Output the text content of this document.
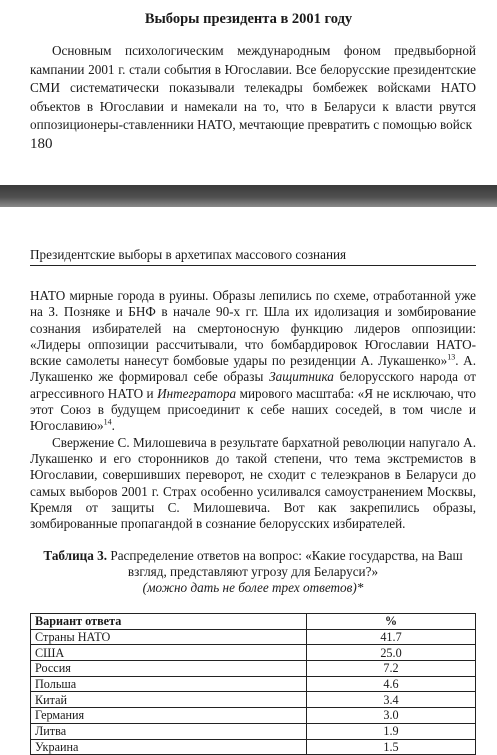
Выборы президента в 2001 году

Основным психологическим международным фоном предвыборной кампании 2001 г. стали события в Югославии. Все белорусские президентские СМИ систематически показывали телекадры бомбежек войсками НАТО объектов в Югославии и намекали на то, что в Беларуси к власти рвутся оппозиционеры-ставленники НАТО, мечтающие превратить с помощью войск

180
Президентские выборы в архетипах массового сознания

НАТО мирные города в руины. Образы лепились по схеме, отработанной уже на З. Позняке и БНФ в начале 90-х гг. Шла их идолизация и зомбирование сознания избирателей на смертоносную функцию лидеров оппозиции: «Лидеры оппозиции рассчитывали, что бомбардировок Югославии НАТО-вские самолеты нанесут бомбовые удары по резиденции А. Лукашенко»$^{13}$. А. Лукашенко же формировал себе образы Защитника белорусского народа от агрессивного НАТО и Интегратора мирового масштаба: «Я не исключаю, что этот Союз в будущем присоединит к себе наших соседей, в том числе и Югославию»$^{14}$.

Свержение С. Милошевича в результате бархатной революции напугало А. Лукашенко и его сторонников до такой степени, что тема экстремистов в Югославии, совершивших переворот, не сходит с телеэкранов в Беларуси до самых выборов 2001 г. Страх особенно усиливался самоустранением Москвы, Кремля от защиты С. Милошевича. Вот как закрепились образы, зомбированные пропагандой в сознание белорусских избирателей.

Таблица 3. Распределение ответов на вопрос: «Какие государства, на Ваш взгляд, представляют угрозу для Беларуси?»
(можно дать не более трех ответов)*
Вариант ответа	%
Страны НАТО	41.7
США	25.0
Россия	7.2
Польша	4.6
Китай	3.4
Германия	3.0
Литва	1.9
Украина	1.5
